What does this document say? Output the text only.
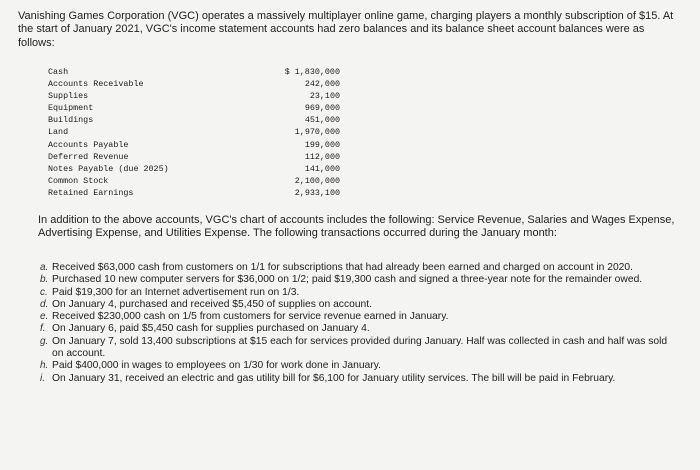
Vanishing Games Corporation (VGC) operates a massively multiplayer online game, charging players a monthly subscription of $15. At the start of January 2021, VGC's income statement accounts had zero balances and its balance sheet account balances were as follows:

Cash	$ 1,830,000
Accounts Receivable	242,000
Supplies	23,100
Equipment	969,000
Buildings	451,000
Land	1,970,000
Accounts Payable	199,000
Deferred Revenue	112,000
Notes Payable (due 2025)	141,000
Common Stock	2,100,000
Retained Earnings	2,933,100

In addition to the above accounts, VGC's chart of accounts includes the following: Service Revenue, Salaries and Wages Expense, Advertising Expense, and Utilities Expense. The following transactions occurred during the January month:

a. Received $63,000 cash from customers on 1/1 for subscriptions that had already been earned and charged on account in 2020.
b. Purchased 10 new computer servers for $36,000 on 1/2; paid $19,300 cash and signed a three-year note for the remainder owed.
c. Paid $19,300 for an Internet advertisement run on 1/3.
d. On January 4, purchased and received $5,450 of supplies on account.
e. Received $230,000 cash on 1/5 from customers for service revenue earned in January.
f. On January 6, paid $5,450 cash for supplies purchased on January 4.
g. On January 7, sold 13,400 subscriptions at $15 each for services provided during January. Half was collected in cash and half was sold on account.
h. Paid $400,000 in wages to employees on 1/30 for work done in January.
i. On January 31, received an electric and gas utility bill for $6,100 for January utility services. The bill will be paid in February.
